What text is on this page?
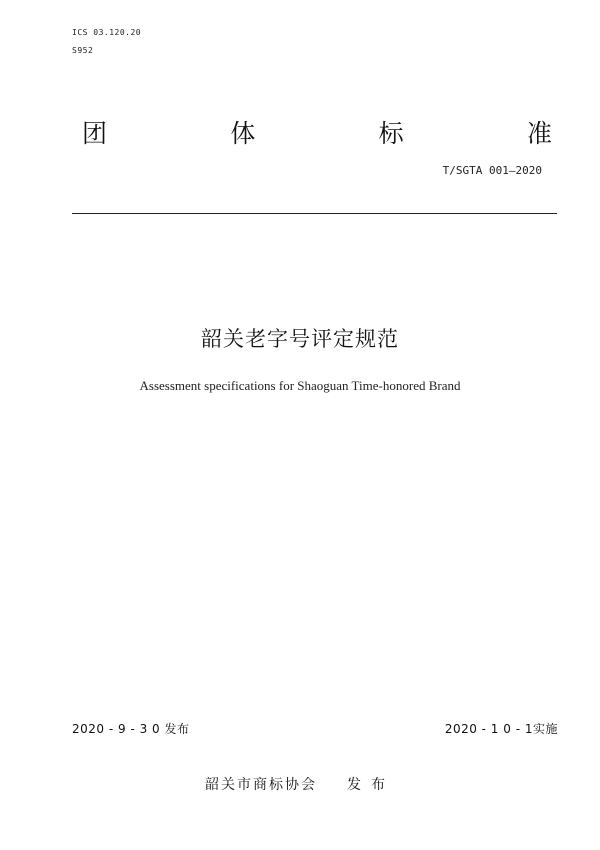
ICS 03.120.20
S952
团	体	标	准
T/SGTA 001—2020
韶关老字号评定规范
Assessment specifications for Shaoguan Time-honored Brand
2020 - 9 - 3 0 发布	2020 - 1 0 - 1实施
韶关市商标协会 发布
